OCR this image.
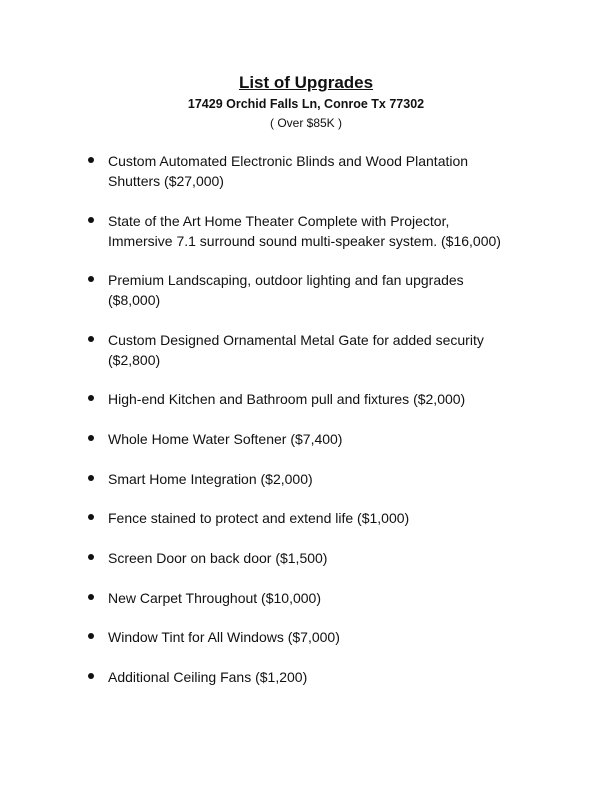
List of Upgrades
17429 Orchid Falls Ln, Conroe Tx 77302
( Over $85K )
Custom Automated Electronic Blinds and Wood Plantation
Shutters ($27,000)
State of the Art Home Theater Complete with Projector,
Immersive 7.1 surround sound multi-speaker system. ($16,000)
Premium Landscaping, outdoor lighting and fan upgrades
($8,000)
Custom Designed Ornamental Metal Gate for added security
($2,800)
High-end Kitchen and Bathroom pull and fixtures ($2,000)
Whole Home Water Softener ($7,400)
Smart Home Integration ($2,000)
Fence stained to protect and extend life ($1,000)
Screen Door on back door ($1,500)
New Carpet Throughout ($10,000)
Window Tint for All Windows ($7,000)
Additional Ceiling Fans ($1,200)
